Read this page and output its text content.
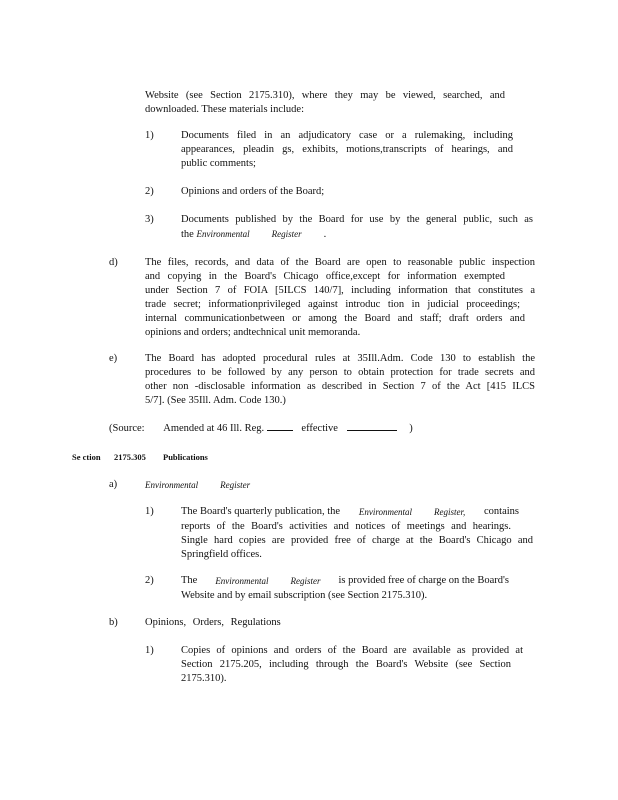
Website (see Section 2175.310), where they may be viewed, searched, and
downloaded. These materials include:
1)	Documents filed in an adjudicatory case or a rulemaking, including
appearances, pleadin gs, exhibits, motions,transcripts of hearings, and
public comments;
2)	Opinions and orders of the Board;
3)	Documents published by the Board for use by the general public, such as
the Environmental Register .
d)	The files, records, and data of the Board are open to reasonable public inspection
and copying in the Board's Chicago office,except for information exempted
under Section 7 of FOIA [5ILCS 140/7], including information that constitutes a
trade secret; informationprivileged against introduc tion in judicial proceedings;
internal communicationbetween or among the Board and staff; draft orders and
opinions and orders; andtechnical unit memoranda.
e)	The Board has adopted procedural rules at 35Ill.Adm. Code 130 to establish the
procedures to be followed by any person to obtain protection for trade secrets and
other non -disclosable information as described in Section 7 of the Act [415 ILCS
5/7]. (See 35Ill. Adm. Code 130.)
(Source: Amended at 46 Ill. Reg.	effective	)
Se ction 2175.305 Publications
a)	Environmental Register
1)	The Board's quarterly publication, the Environmental Register, contains
reports of the Board's activities and notices of meetings and hearings.
Single hard copies are provided free of charge at the Board's Chicago and
Springfield offices.
2)	The Environmental Register is provided free of charge on the Board's
Website and by email subscription (see Section 2175.310).
b)	Opinions, Orders, Regulations
1)	Copies of opinions and orders of the Board are available as provided at
Section 2175.205, including through the Board's Website (see Section
2175.310).
